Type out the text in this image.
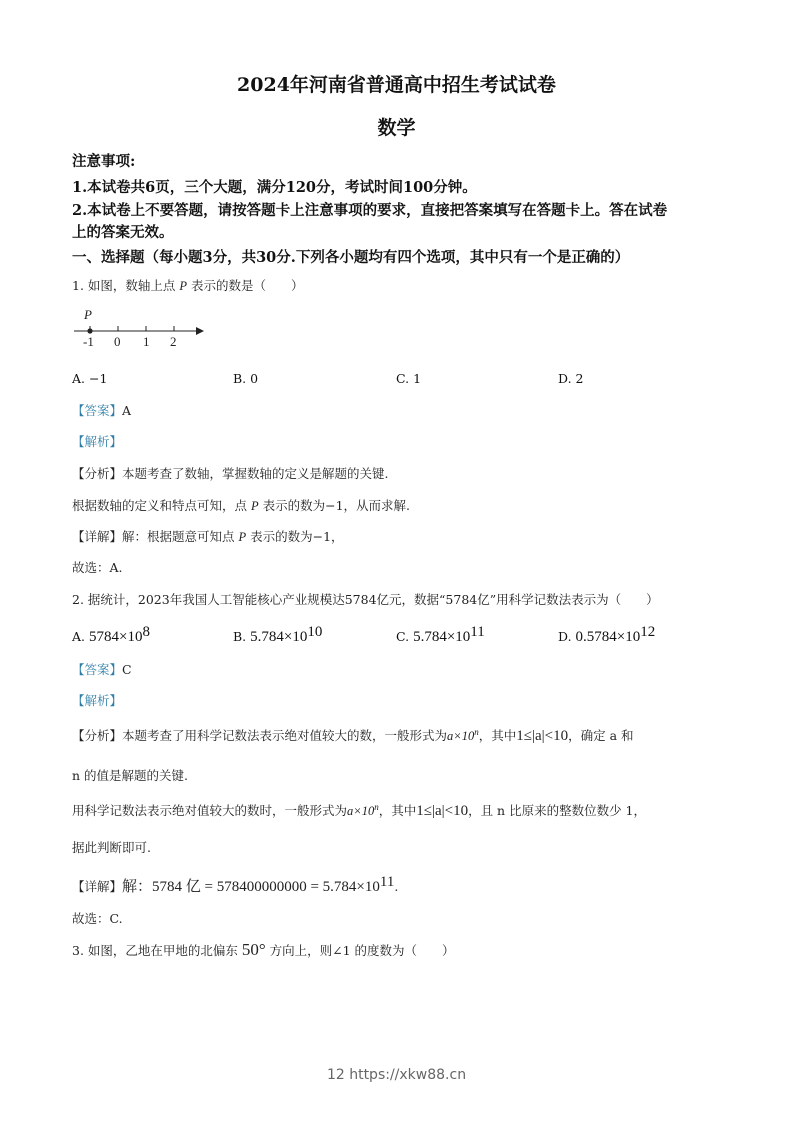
2024年河南省普通高中招生考试试卷
数学
注意事项:
1.本试卷共6页，三个大题，满分120分，考试时间100分钟。
2.本试卷上不要答题，请按答题卡上注意事项的要求，直接把答案填写在答题卡上。答在试卷
上的答案无效。
一、选择题（每小题3分，共30分.下列各小题均有四个选项，其中只有一个是正确的）
1. 如图，数轴上点 P 表示的数是（　　）
P
-1 0 1 2
A. −1	B. 0	C. 1	D. 2
【答案】A
【解析】
【分析】本题考查了数轴，掌握数轴的定义是解题的关键.
根据数轴的定义和特点可知，点 P 表示的数为−1，从而求解.
【详解】解：根据题意可知点 P 表示的数为−1，
故选：A.
2. 据统计，2023年我国人工智能核心产业规模达5784亿元，数据“5784亿”用科学记数法表示为（　　）
A. $5784\times 10^8$	B. $5.784\times 10^{10}$	C. $5.784\times 10^{11}$	D. $0.5784\times 10^{12}$
【答案】C
【解析】
【分析】本题考查了用科学记数法表示绝对值较大的数，一般形式为$a\times 10^n$，其中1≤|a|<10，确定 a 和
n 的值是解题的关键.
用科学记数法表示绝对值较大的数时，一般形式为$a\times 10^n$，其中1≤|a|<10，且 n 比原来的整数位数少 1，
据此判断即可.
【详解】解：5784 亿 = $578400000000 = 5.784\times 10^{11}$.
故选：C.
3. 如图，乙地在甲地的北偏东 50° 方向上，则∠1 的度数为（　　）
12 https://xkw88.cn
